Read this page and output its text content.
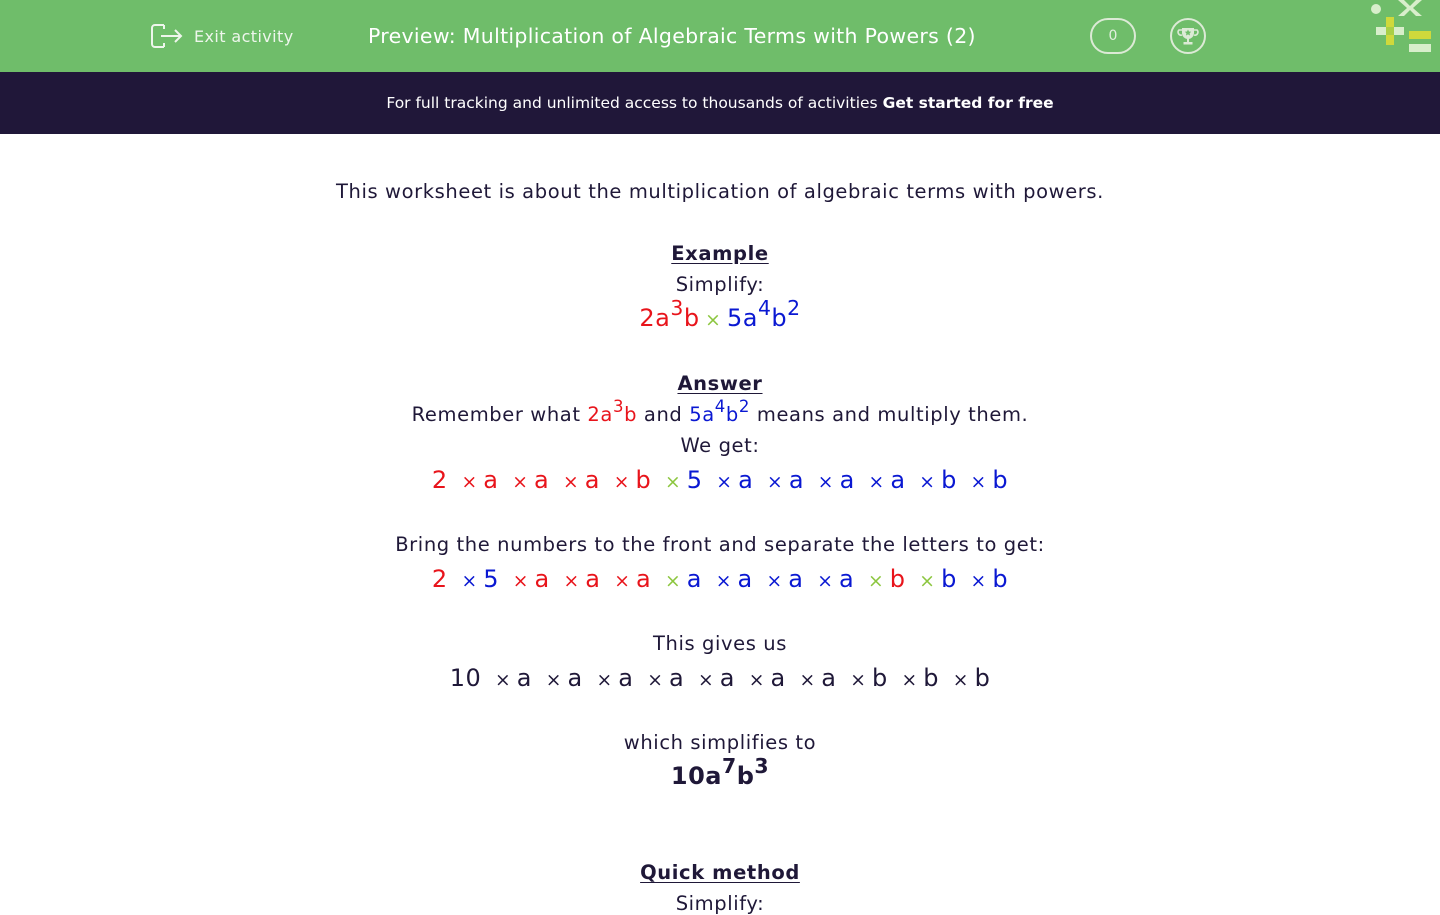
Exit activity	Preview: Multiplication of Algebraic Terms with Powers (2)	0
For full tracking and unlimited access to thousands of activities Get started for free
This worksheet is about the multiplication of algebraic terms with powers.
Example
Simplify:
$2a^3b \times 5a^4b^2$
Answer
Remember what $2a^3b$ and $5a^4b^2$ means and multiply them.
We get:
2 × a × a × a × b × 5 × a × a × a × a × b × b
Bring the numbers to the front and separate the letters to get:
2 × 5 × a × a × a × a × a × a × a × b × b × b
This gives us
10 × a × a × a × a × a × a × a × b × b × b
which simplifies to
$10a^7b^3$
Quick method
Simplify:
